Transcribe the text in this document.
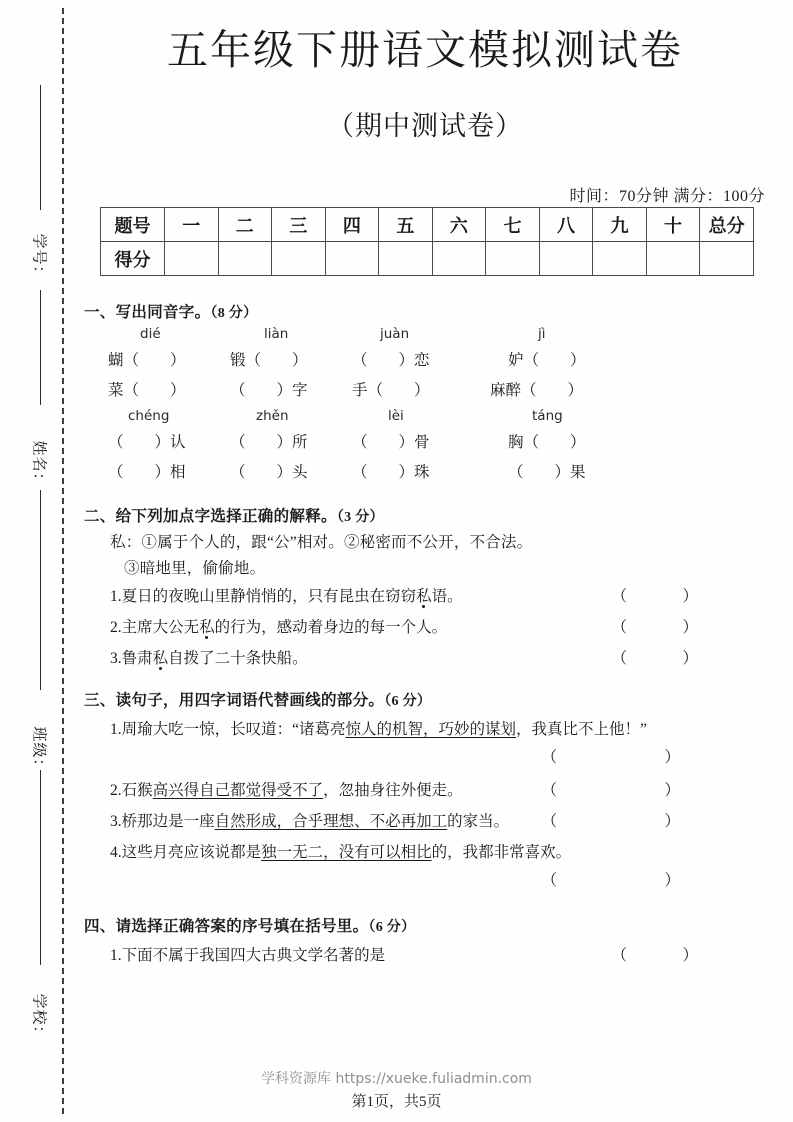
学号：
姓名：
班级：
学校：
五年级下册语文模拟测试卷
（期中测试卷）
时间：70分钟 满分：100分
题号	一	二	三	四	五	六	七	八	九	十	总分
得分											
一、写出同音字。（8 分）
dié	liàn	juàn	jì
蝴（　　）	锻（　　）	（　　）恋	妒（　　）
菜（　　）	（　　）字	手（　　）	麻醉（　　）
chéng	zhěn	lèi	táng
（　　）认	（　　）所	（　　）骨	胸（　　）
（　　）相	（　　）头	（　　）珠	（　　）果
二、给下列加点字选择正确的解释。（3 分）
私：①属于个人的，跟“公”相对。②秘密而不公开，不合法。
③暗地里，偷偷地。
1.夏日的夜晚山里静悄悄的，只有昆虫在窃窃私语。	（　）
2.主席大公无私的行为，感动着身边的每一个人。	（　）
3.鲁肃私自拨了二十条快船。	（　）
三、读句子，用四字词语代替画线的部分。（6 分）
1.周瑜大吃一惊，长叹道：“诸葛亮惊人的机智，巧妙的谋划，我真比不上他！”
（　）
2.石猴高兴得自己都觉得受不了，忽抽身往外便走。	（　）
3.桥那边是一座自然形成，合乎理想、不必再加工的家当。 （　）
4.这些月亮应该说都是独一无二，没有可以相比的，我都非常喜欢。
（　）
四、请选择正确答案的序号填在括号里。（6 分）
1.下面不属于我国四大古典文学名著的是	（　）
学科资源库 https://xueke.fuliadmin.com
第1页，共5页
